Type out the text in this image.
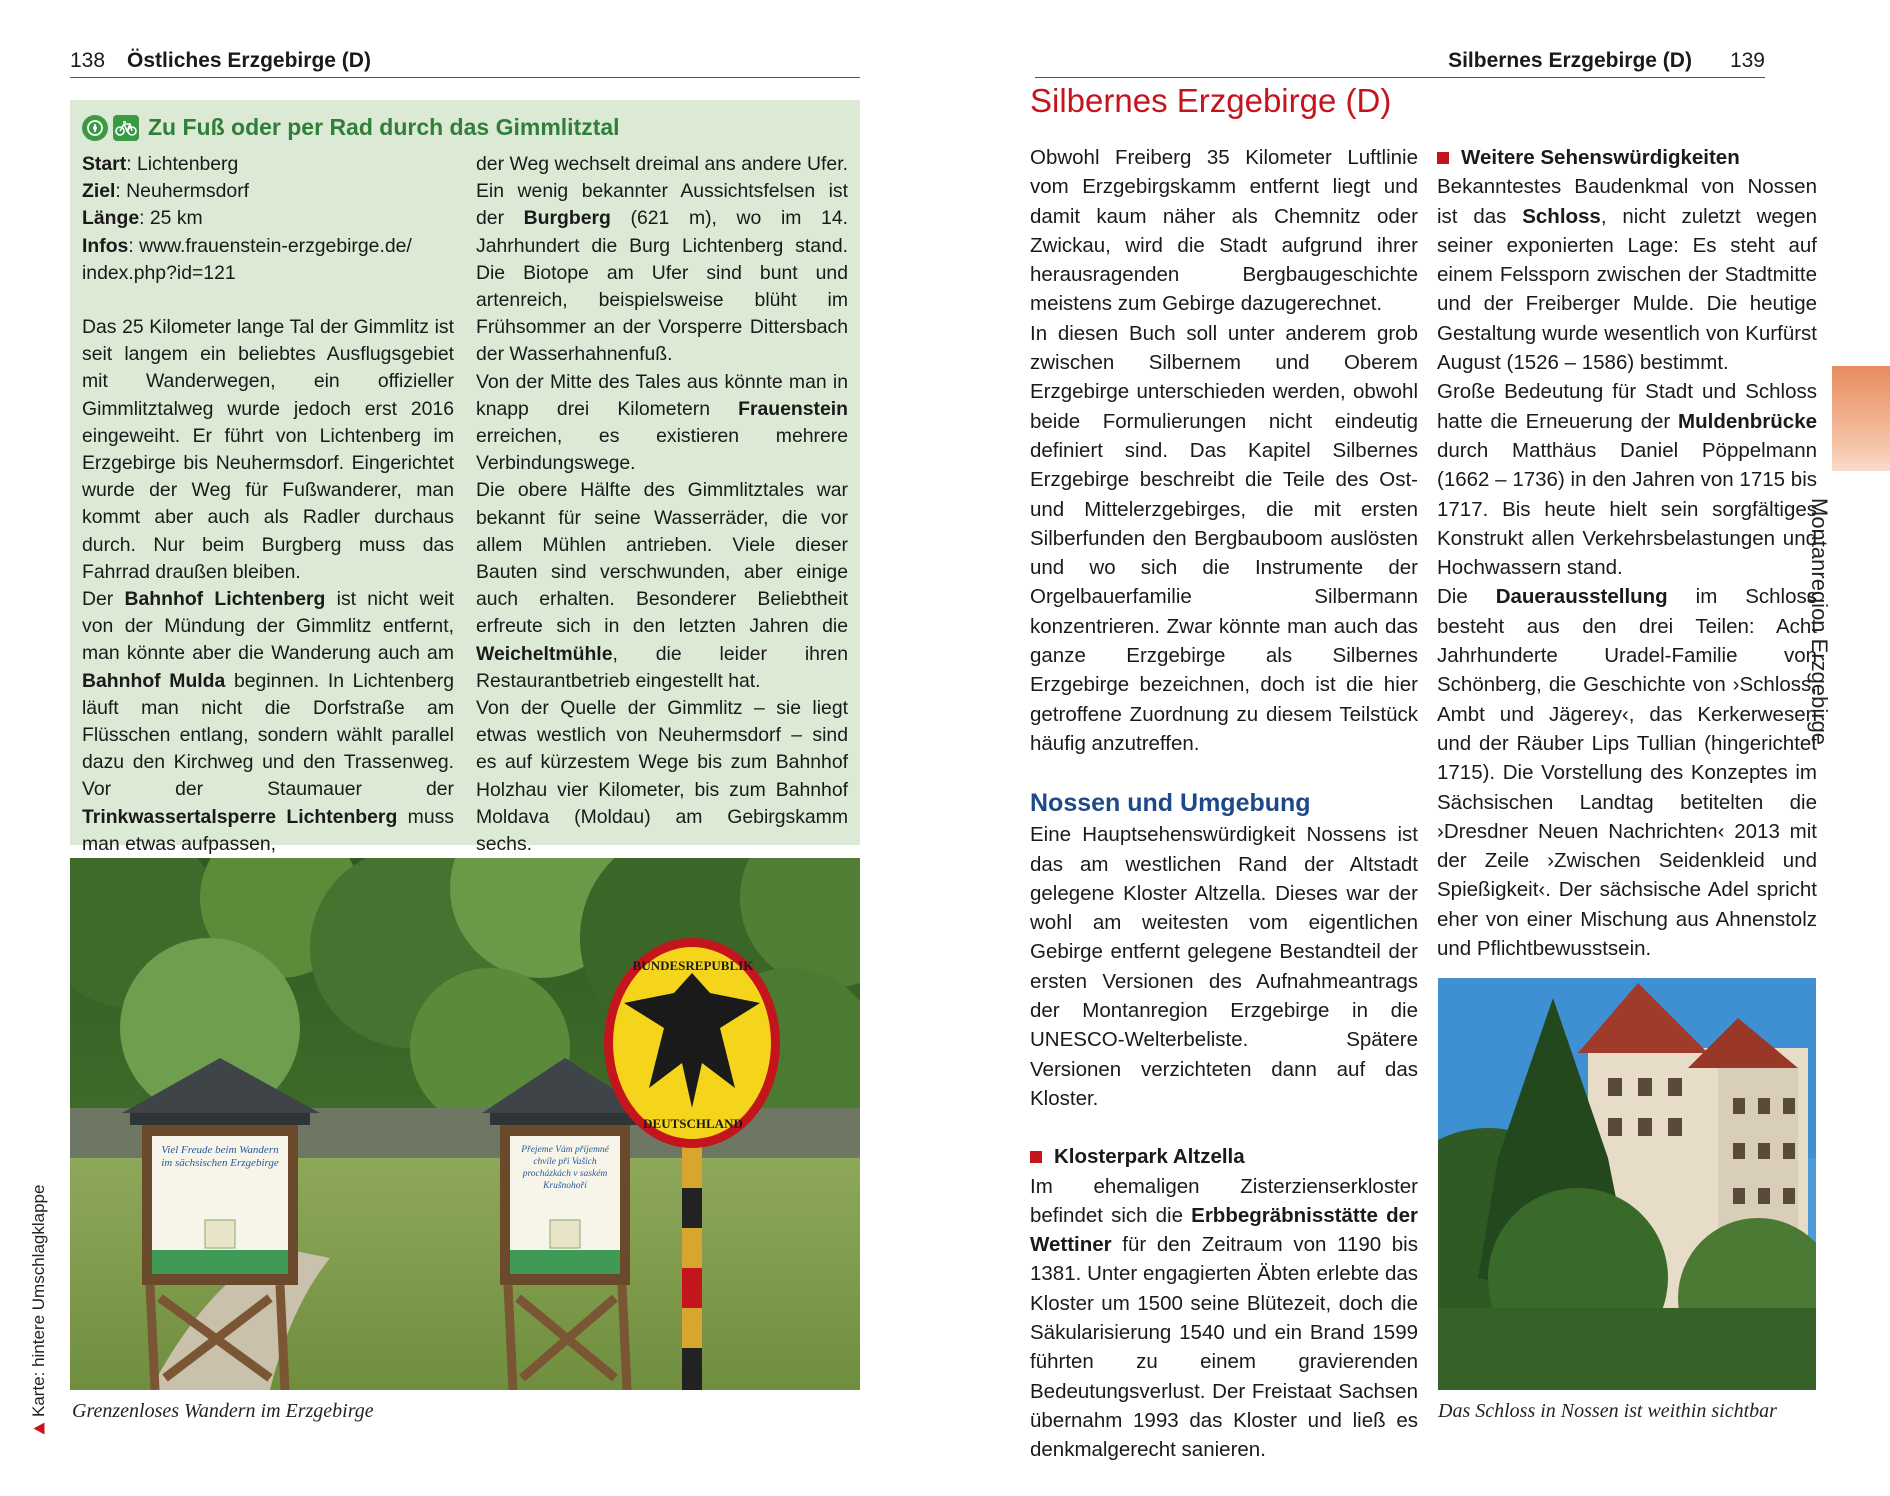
138 Östliches Erzgebirge (D)
Zu Fuß oder per Rad durch das Gimmlitztal

Start: Lichtenberg

Ziel: Neuhermsdorf

Länge: 25 km

Infos: www.frauenstein-erzgebirge.de/ index.php?id=121

Das 25 Kilometer lange Tal der Gimmlitz ist seit langem ein beliebtes Ausflugsgebiet mit Wanderwegen, ein offizieller Gimmlitztalweg wurde jedoch erst 2016 eingeweiht. Er führt von Lichtenberg im Erzgebirge bis Neuhermsdorf. Eingerichtet wurde der Weg für Fußwanderer, man kommt aber auch als Radler durchaus durch. Nur beim Burgberg muss das Fahrrad draußen bleiben.

Der Bahnhof Lichtenberg ist nicht weit von der Mündung der Gimmlitz entfernt, man könnte aber die Wanderung auch am Bahnhof Mulda beginnen. In Lichtenberg läuft man nicht die Dorfstraße am Flüsschen entlang, sondern wählt parallel dazu den Kirchweg und den Trassenweg. Vor der Staumauer der Trinkwassertalsperre Lichtenberg muss man etwas aufpassen,

der Weg wechselt dreimal ans andere Ufer. Ein wenig bekannter Aussichtsfelsen ist der Burgberg (621 m), wo im 14. Jahrhundert die Burg Lichtenberg stand. Die Biotope am Ufer sind bunt und artenreich, beispielsweise blüht im Frühsommer an der Vorsperre Dittersbach der Wasserhahnenfuß.

Von der Mitte des Tales aus könnte man in knapp drei Kilometern Frauenstein erreichen, es existieren mehrere Verbindungswege.

Die obere Hälfte des Gimmlitztales war bekannt für seine Wasserräder, die vor allem Mühlen antrieben. Viele dieser Bauten sind verschwunden, aber einige auch erhalten. Besonderer Beliebtheit erfreute sich in den letzten Jahren die Weicheltmühle, die leider ihren Restaurantbetrieb eingestellt hat.

Von der Quelle der Gimmlitz – sie liegt etwas westlich von Neuhermsdorf – sind es auf kürzestem Wege bis zum Bahnhof Holzhau vier Kilometer, bis zum Bahnhof Moldava (Moldau) am Gebirgskamm sechs.

BUNDESREPUBLIK
DEUTSCHLAND
Viel Freude beim Wandern im sächsischen Erzgebirge
Přejeme Vám příjemné chvíle při Vašich procházkách v saském Krušnohoří
Grenzenloses Wandern im Erzgebirge
Karte: hintere Umschlagklappe
Silbernes Erzgebirge (D) 139
Silbernes Erzgebirge (D)

Obwohl Freiberg 35 Kilometer Luftlinie vom Erzgebirgskamm entfernt liegt und damit kaum näher als Chemnitz oder Zwickau, wird die Stadt aufgrund ihrer herausragenden Bergbaugeschichte meistens zum Gebirge dazugerechnet.

In diesen Buch soll unter anderem grob zwischen Silbernem und Oberem Erzgebirge unterschieden werden, obwohl beide Formulierungen nicht eindeutig definiert sind. Das Kapitel Silbernes Erzgebirge beschreibt die Teile des Ost- und Mittelerzgebirges, die mit ersten Silberfunden den Bergbauboom auslösten und wo sich die Instrumente der Orgelbauerfamilie Silbermann konzentrieren. Zwar könnte man auch das ganze Erzgebirge als Silbernes Erzgebirge bezeichnen, doch ist die hier getroffene Zuordnung zu diesem Teilstück häufig anzutreffen.

Nossen und Umgebung

Eine Hauptsehenswürdigkeit Nossens ist das am westlichen Rand der Altstadt gelegene Kloster Altzella. Dieses war der wohl am weitesten vom eigentlichen Gebirge entfernt gelegene Bestandteil der ersten Versionen des Aufnahmeantrags der Montanregion Erzgebirge in die UNESCO-Welterbeliste. Spätere Versionen verzichteten dann auf das Kloster.

Klosterpark Altzella

Im ehemaligen Zisterzienserkloster befindet sich die Erbbegräbnisstätte der Wettiner für den Zeitraum von 1190 bis 1381. Unter engagierten Äbten erlebte das Kloster um 1500 seine Blütezeit, doch die Säkularisierung 1540 und ein Brand 1599 führten zu einem gravierenden Bedeutungsverlust. Der Freistaat Sachsen übernahm 1993 das Kloster und ließ es denkmalgerecht sanieren.

Weitere Sehenswürdigkeiten

Bekanntestes Baudenkmal von Nossen ist das Schloss, nicht zuletzt wegen seiner exponierten Lage: Es steht auf einem Felssporn zwischen der Stadtmitte und der Freiberger Mulde. Die heutige Gestaltung wurde wesentlich von Kurfürst August (1526 – 1586) bestimmt.

Große Bedeutung für Stadt und Schloss hatte die Erneuerung der Muldenbrücke durch Matthäus Daniel Pöppelmann (1662 – 1736) in den Jahren von 1715 bis 1717. Bis heute hielt sein sorgfältiges Konstrukt allen Verkehrsbelastungen und Hochwassern stand.

Die Dauerausstellung im Schloss besteht aus den drei Teilen: Acht Jahrhunderte Uradel-Familie von Schönberg, die Geschichte von ›Schloss, Ambt und Jägerey‹, das Kerkerwesen und der Räuber Lips Tullian (hingerichtet 1715). Die Vorstellung des Konzeptes im Sächsischen Landtag betitelten die ›Dresdner Neuen Nachrichten‹ 2013 mit der Zeile ›Zwischen Seidenkleid und Spießigkeit‹. Der sächsische Adel spricht eher von einer Mischung aus Ahnenstolz und Pflichtbewusstsein.

Das Schloss in Nossen ist weithin sichtbar
Montanregion Erzgebirge
